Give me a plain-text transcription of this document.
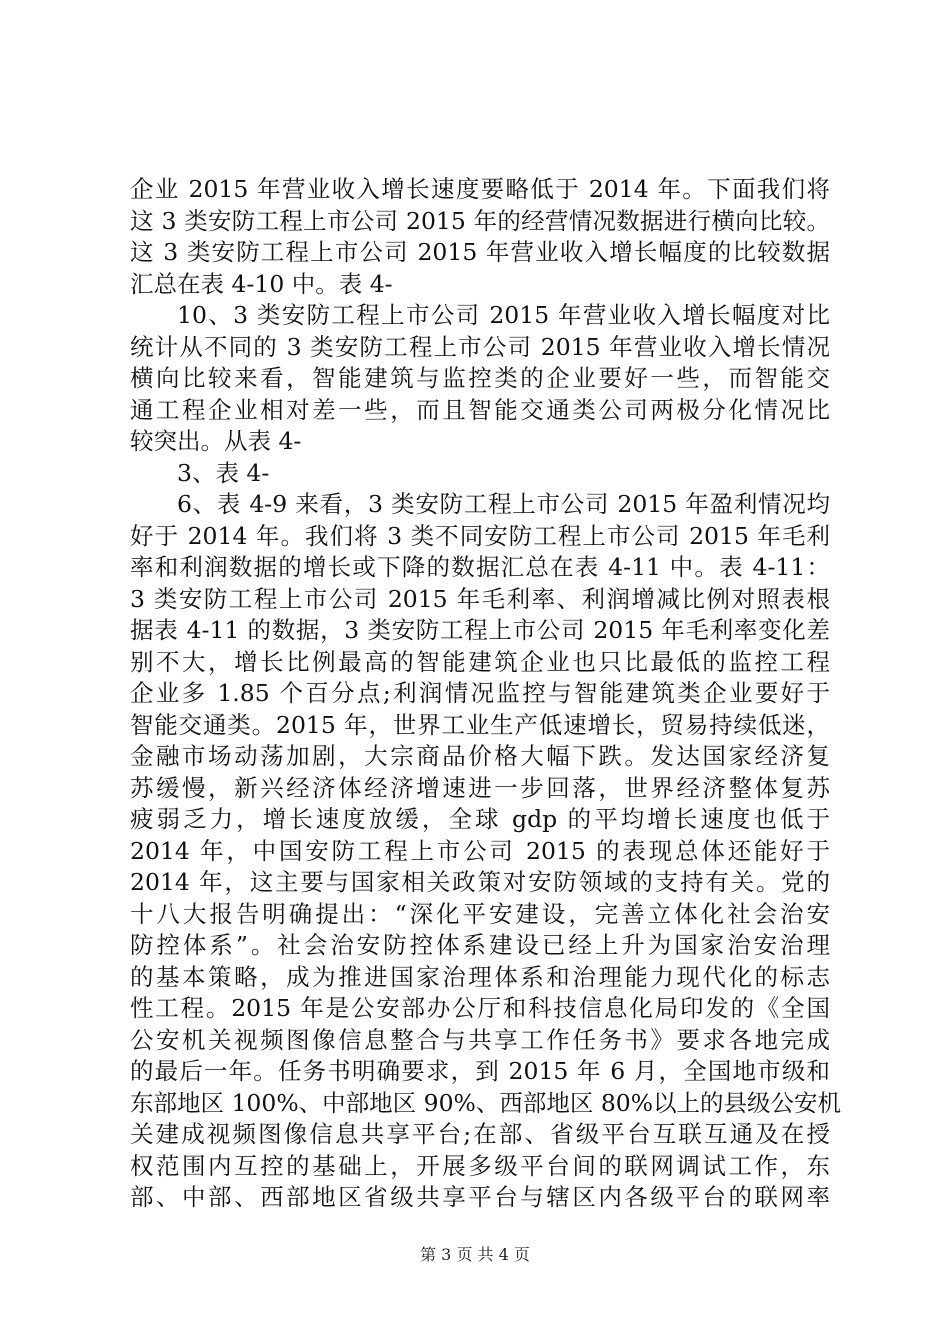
企业 2015 年营业收入增长速度要略低于 2014 年。下面我们将
这 3 类安防工程上市公司 2015 年的经营情况数据进行横向比较。
这 3 类安防工程上市公司 2015 年营业收入增长幅度的比较数据
汇总在表 4-10 中。表 4-
10、3 类安防工程上市公司 2015 年营业收入增长幅度对比
统计从不同的 3 类安防工程上市公司 2015 年营业收入增长情况
横向比较来看，智能建筑与监控类的企业要好一些，而智能交
通工程企业相对差一些，而且智能交通类公司两极分化情况比
较突出。从表 4-
3、表 4-
6、表 4-9 来看，3 类安防工程上市公司 2015 年盈利情况均
好于 2014 年。我们将 3 类不同安防工程上市公司 2015 年毛利
率和利润数据的增长或下降的数据汇总在表 4-11 中。表 4-11：
3 类安防工程上市公司 2015 年毛利率、利润增减比例对照表根
据表 4-11 的数据，3 类安防工程上市公司 2015 年毛利率变化差
别不大，增长比例最高的智能建筑企业也只比最低的监控工程
企业多 1.85 个百分点;利润情况监控与智能建筑类企业要好于
智能交通类。2015 年，世界工业生产低速增长，贸易持续低迷，
金融市场动荡加剧，大宗商品价格大幅下跌。发达国家经济复
苏缓慢，新兴经济体经济增速进一步回落，世界经济整体复苏
疲弱乏力，增长速度放缓，全球 gdp 的平均增长速度也低于
2014 年，中国安防工程上市公司 2015 的表现总体还能好于
2014 年，这主要与国家相关政策对安防领域的支持有关。党的
十八大报告明确提出：“深化平安建设，完善立体化社会治安
防控体系”。社会治安防控体系建设已经上升为国家治安治理
的基本策略，成为推进国家治理体系和治理能力现代化的标志
性工程。2015 年是公安部办公厅和科技信息化局印发的《全国
公安机关视频图像信息整合与共享工作任务书》要求各地完成
的最后一年。任务书明确要求，到 2015 年 6 月，全国地市级和
东部地区 100%、中部地区 90%、西部地区 80%以上的县级公安机
关建成视频图像信息共享平台;在部、省级平台互联互通及在授
权范围内互控的基础上，开展多级平台间的联网调试工作，东
部、中部、西部地区省级共享平台与辖区内各级平台的联网率
第 3 页 共 4 页
